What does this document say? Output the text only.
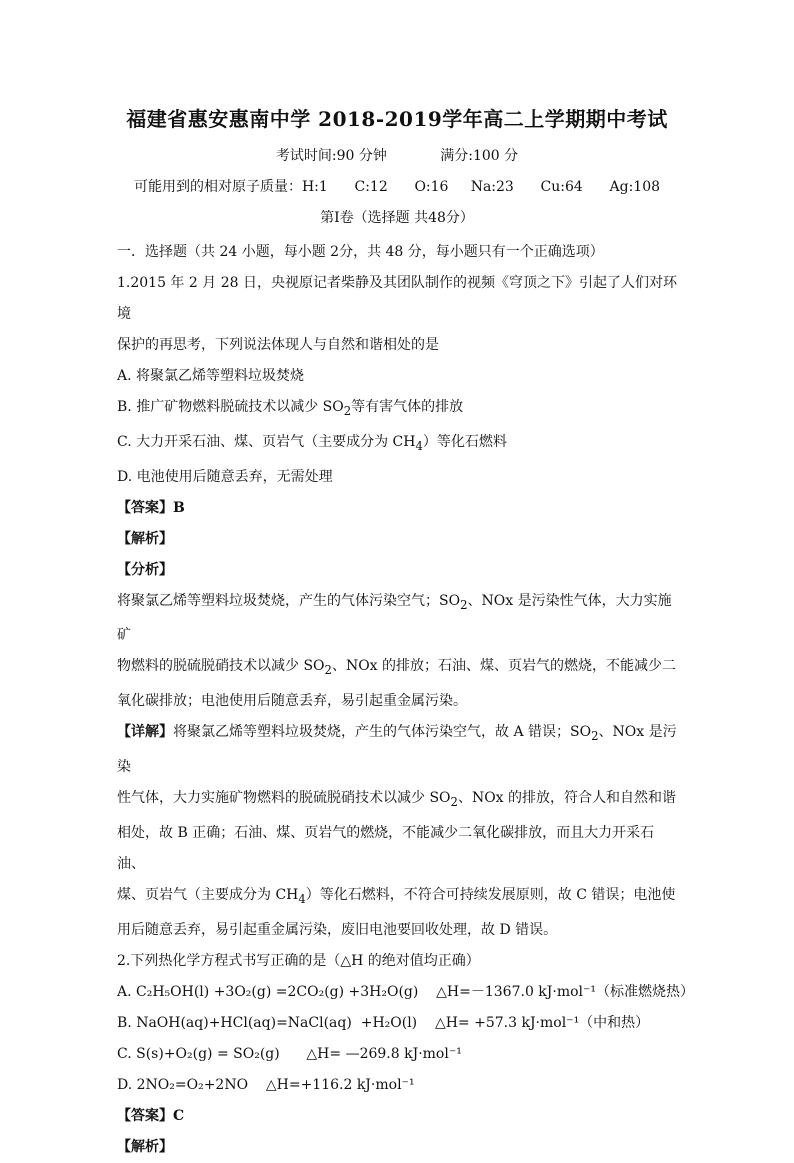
福建省惠安惠南中学 2018-2019学年高二上学期期中考试
考试时间:90 分钟            满分:100 分
可能用到的相对原子质量：H:1      C:12      O:16     Na:23      Cu:64      Ag:108
第Ⅰ卷（选择题 共48分）

一．选择题（共 24 小题，每小题 2分，共 48 分，每小题只有一个正确选项）

1.2015 年 2 月 28 日，央视原记者柴静及其团队制作的视频《穹顶之下》引起了人们对环境

保护的再思考，下列说法体现人与自然和谐相处的是

A. 将聚氯乙烯等塑料垃圾焚烧

B. 推广矿物燃料脱硫技术以减少 $SO_2$等有害气体的排放

C. 大力开采石油、煤、页岩气（主要成分为 $CH_4$）等化石燃料

D. 电池使用后随意丢弃，无需处理

【答案】B

【解析】

【分析】

将聚氯乙烯等塑料垃圾焚烧，产生的气体污染空气；$SO_2$、NOx 是污染性气体，大力实施矿

物燃料的脱硫脱硝技术以减少 $SO_2$、NOx 的排放；石油、煤、页岩气的燃烧，不能减少二

氧化碳排放；电池使用后随意丢弃，易引起重金属污染。

【详解】将聚氯乙烯等塑料垃圾焚烧，产生的气体污染空气，故 A 错误；$SO_2$、NOx 是污染

性气体，大力实施矿物燃料的脱硫脱硝技术以减少 $SO_2$、NOx 的排放，符合人和自然和谐

相处，故 B 正确；石油、煤、页岩气的燃烧，不能减少二氧化碳排放，而且大力开采石油、

煤、页岩气（主要成分为 $CH_4$）等化石燃料，不符合可持续发展原则，故 C 错误；电池使

用后随意丢弃，易引起重金属污染，废旧电池要回收处理，故 D 错误。

2.下列热化学方程式书写正确的是（△H 的绝对值均正确）

A. C₂H₅OH(l) +3O₂(g) =2CO₂(g) +3H₂O(g)    △H=－1367.0 kJ·mol⁻¹（标准燃烧热）

B. NaOH(aq)+HCl(aq)=NaCl(aq)  +H₂O(l)    △H= +57.3 kJ·mol⁻¹（中和热）

C. S(s)+O₂(g) = SO₂(g)      △H= —269.8 kJ·mol⁻¹

D. 2NO₂=O₂+2NO    △H=+116.2 kJ·mol⁻¹

【答案】C

【解析】
